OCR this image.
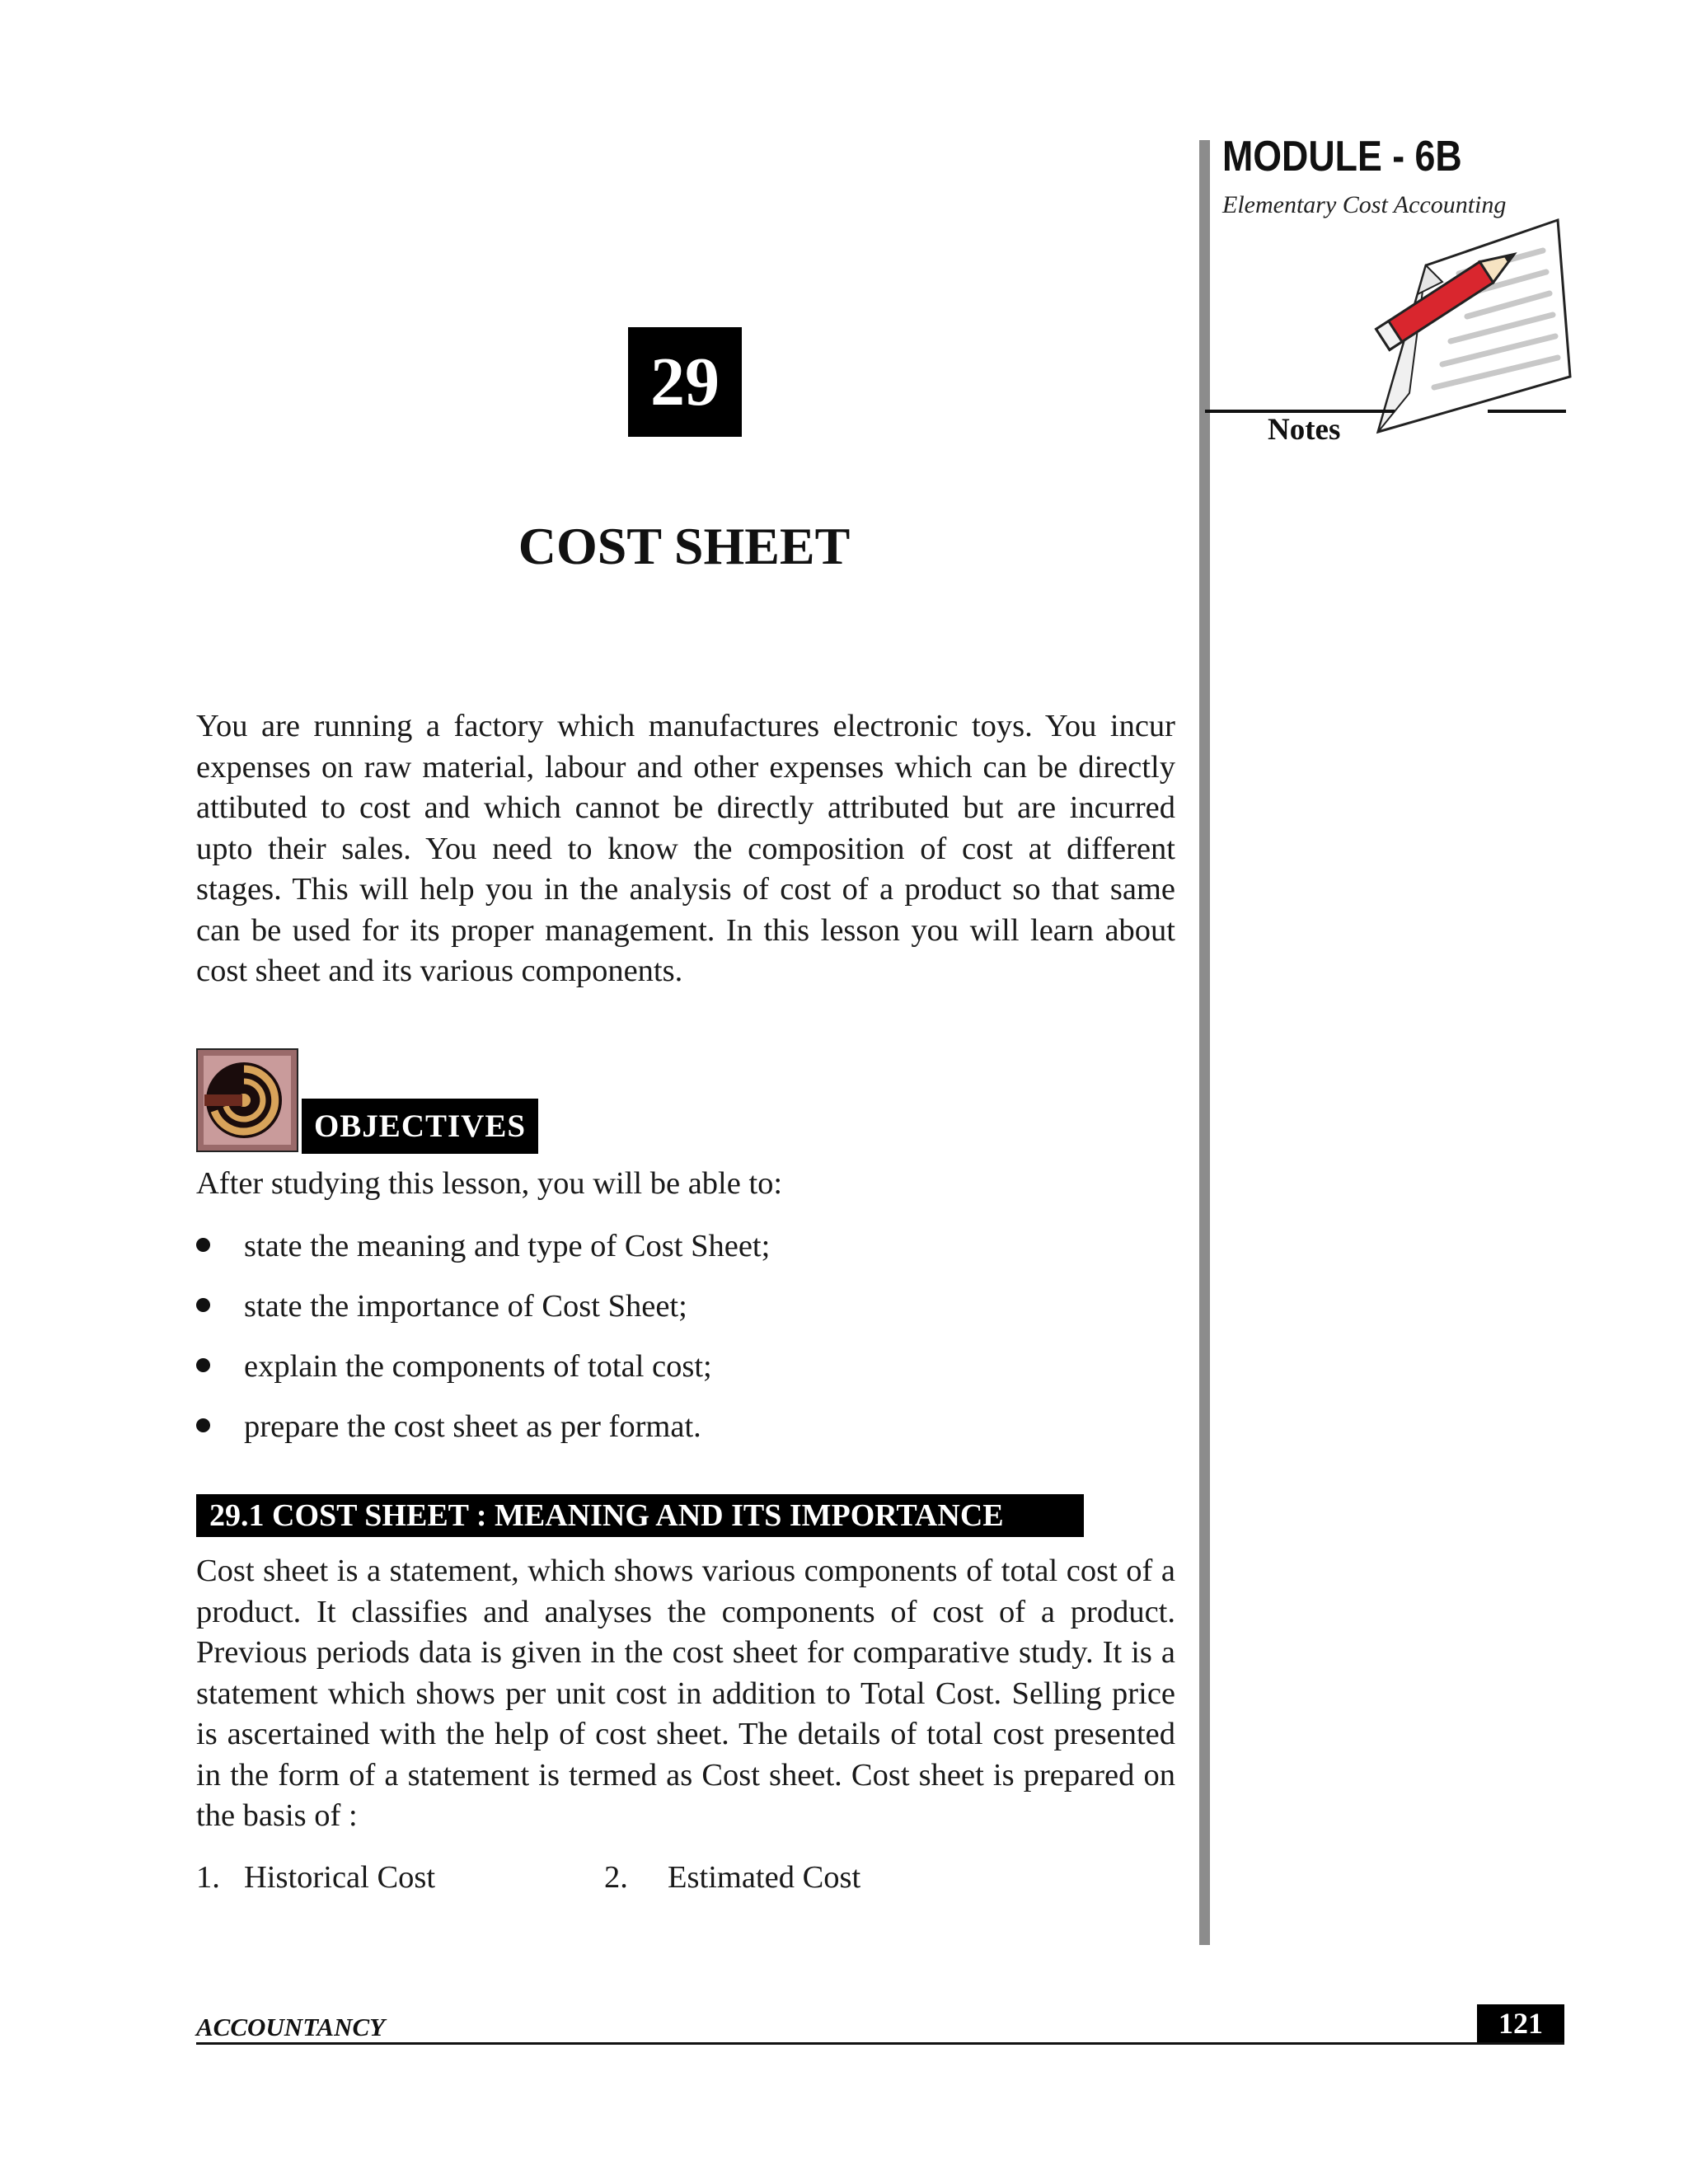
MODULE - 6B
Elementary Cost Accounting
Notes
29
COST SHEET

You are running a factory which manufactures electronic toys. You incur expenses on raw material, labour and other expenses which can be directly attibuted to cost and which cannot be directly attributed but are incurred upto their sales. You need to know the composition of cost at different stages. This will help you in the analysis of cost of a product so that same can be used for its proper management. In this lesson you will learn about cost sheet and its various components.

OBJECTIVES
After studying this lesson, you will be able to:
state the meaning and type of Cost Sheet;
state the importance of Cost Sheet;
explain the components of total cost;
prepare the cost sheet as per format.
29.1 COST SHEET : MEANING AND ITS IMPORTANCE

Cost sheet is a statement, which shows various components of total cost of a product. It classifies and analyses the components of cost of a product. Previous periods data is given in the cost sheet for comparative study. It is a statement which shows per unit cost in addition to Total Cost. Selling price is ascertained with the help of cost sheet. The details of total cost presented in the form of a statement is termed as Cost sheet. Cost sheet is prepared on the basis of :

1. Historical Cost	2. Estimated Cost
ACCOUNTANCY	121
